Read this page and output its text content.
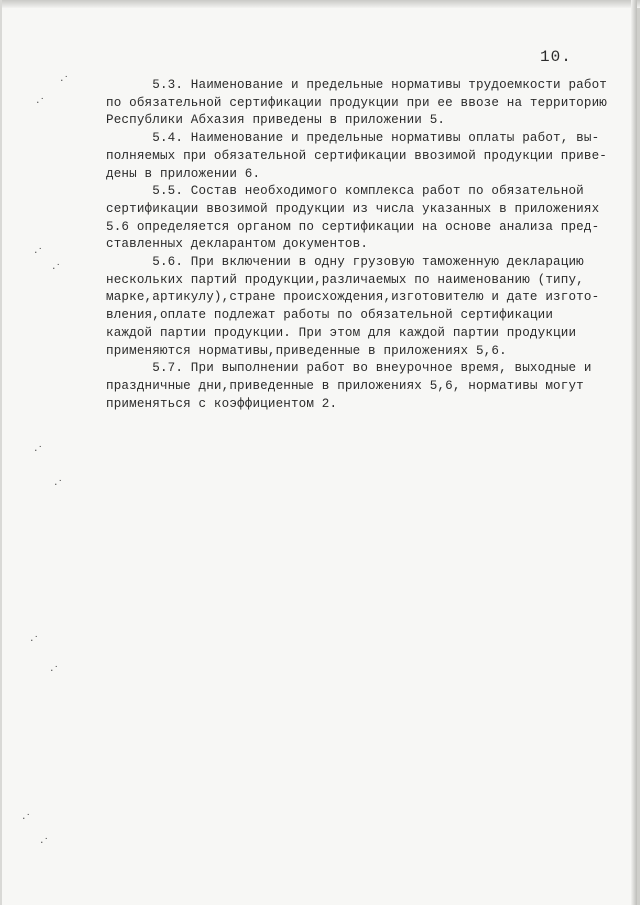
10.
5.3. Наименование и предельные нормативы трудоемкости работ
по обязательной сертификации продукции при ее ввозе на территорию
Республики Абхазия приведены в приложении 5.
5.4. Наименование и предельные нормативы оплаты работ, вы-
полняемых при обязательной сертификации ввозимой продукции приве-
дены в приложении 6.
5.5. Состав необходимого комплекса работ по обязательной
сертификации ввозимой продукции из числа указанных в приложениях
5.6 определяется органом по сертификации на основе анализа пред-
ставленных декларантом документов.
5.6. При включении в одну грузовую таможенную декларацию
нескольких партий продукции,различаемых по наименованию (типу,
марке,артикулу),стране происхождения,изготовителю и дате изгото-
вления,оплате подлежат работы по обязательной сертификации
каждой партии продукции. При этом для каждой партии продукции
применяются нормативы,приведенные в приложениях 5,6.
5.7. При выполнении работ во внеурочное время, выходные и
праздничные дни,приведенные в приложениях 5,6, нормативы могут
применяться с коэффициентом 2.
·˙
·˙
·˙
·˙
·˙
·˙
·˙
·˙
·˙
·˙
